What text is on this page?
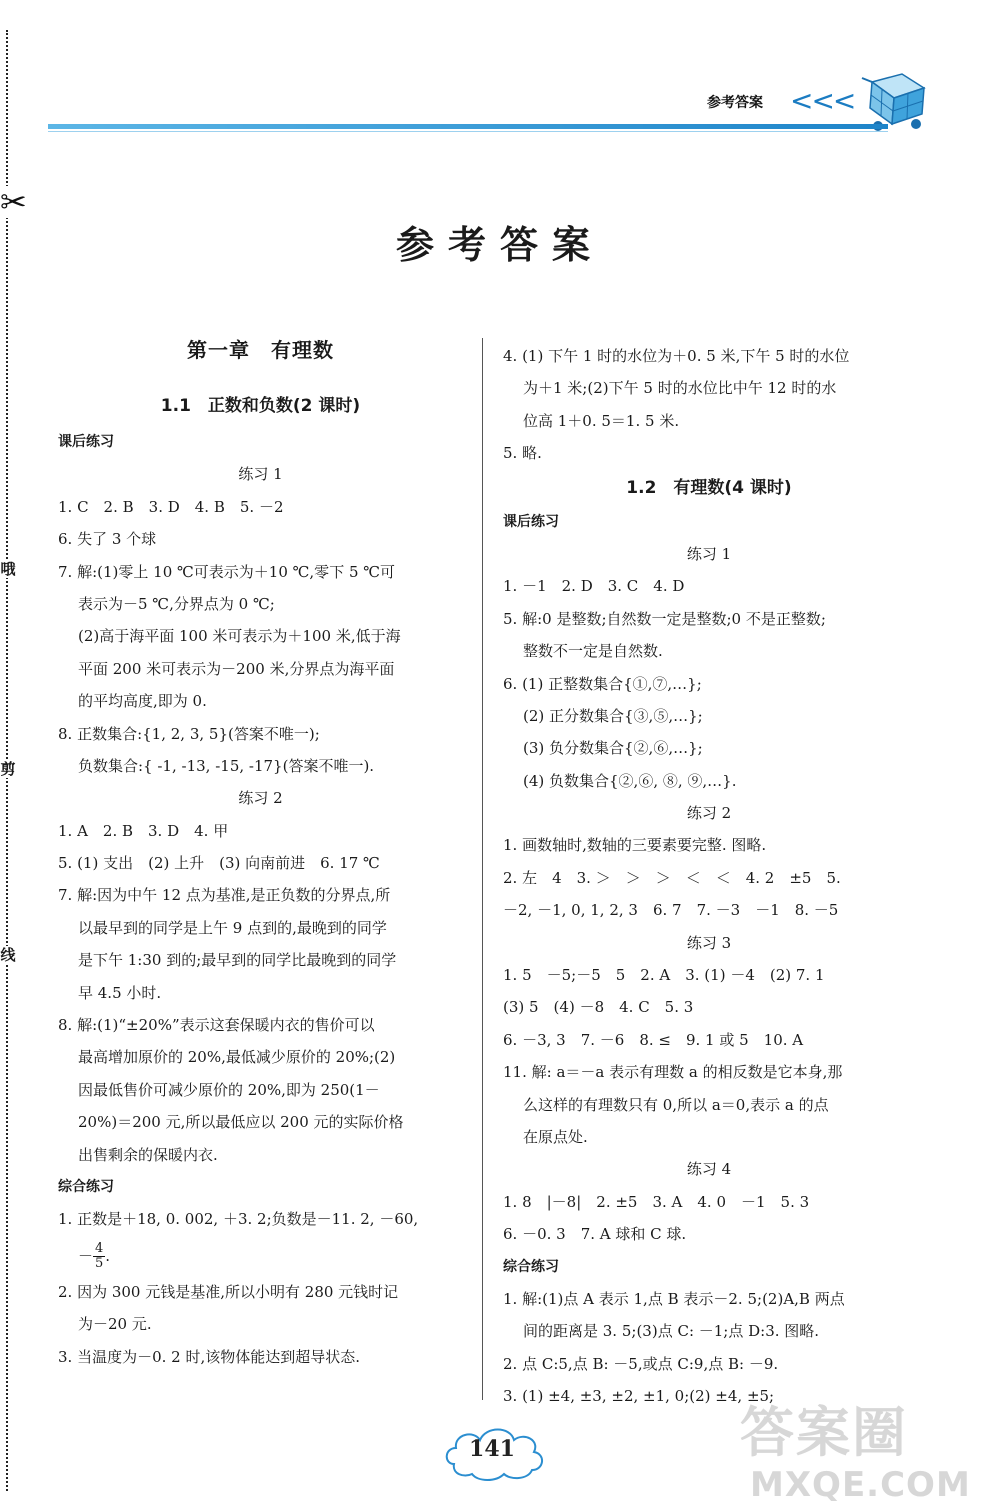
✂
哦
剪
线
参考答案 <<<
参考答案
第一章　有理数
1.1　正数和负数(2 课时)
课后练习
练习 1
1. C　2. B　3. D　4. B　5. －2
6. 失了 3 个球
7. 解:(1)零上 10 ℃可表示为＋10 ℃,零下 5 ℃可
表示为－5 ℃,分界点为 0 ℃;
(2)高于海平面 100 米可表示为＋100 米,低于海
平面 200 米可表示为－200 米,分界点为海平面
的平均高度,即为 0.
8. 正数集合:{1, 2, 3, 5}(答案不唯一);
负数集合:{ -1, -13, -15, -17}(答案不唯一).
练习 2
1. A　2. B　3. D　4. 甲
5. (1) 支出　(2) 上升　(3) 向南前进　6. 17 ℃
7. 解:因为中午 12 点为基准,是正负数的分界点,所
以最早到的同学是上午 9 点到的,最晚到的同学
是下午 1:30 到的;最早到的同学比最晚到的同学
早 4.5 小时.
8. 解:(1)“±20%”表示这套保暖内衣的售价可以
最高增加原价的 20%,最低减少原价的 20%;(2)
因最低售价可减少原价的 20%,即为 250(1－
20%)＝200 元,所以最低应以 200 元的实际价格
出售剩余的保暖内衣.
综合练习
1. 正数是＋18, 0. 002, ＋3. 2;负数是－11. 2, －60,
－ $\frac{4}{5}$ .
2. 因为 300 元钱是基准,所以小明有 280 元钱时记
为－20 元.
3. 当温度为－0. 2 时,该物体能达到超导状态.
4. (1) 下午 1 时的水位为＋0. 5 米,下午 5 时的水位
为＋1 米;(2)下午 5 时的水位比中午 12 时的水
位高 1＋0. 5＝1. 5 米.
5. 略.
1.2　有理数(4 课时)
课后练习
练习 1
1. －1　2. D　3. C　4. D
5. 解:0 是整数;自然数一定是整数;0 不是正整数;
整数不一定是自然数.
6. (1) 正整数集合{①,⑦,…};
(2) 正分数集合{③,⑤,…};
(3) 负分数集合{②,⑥,…};
(4) 负数集合{②,⑥, ⑧, ⑨,…}.
练习 2
1. 画数轴时,数轴的三要素要完整. 图略.
2. 左　4　3. ＞　＞　＞　＜　＜　4. 2　±5　5.
－2, －1, 0, 1, 2, 3　6. 7　7. －3　－1　8. －5
练习 3
1. 5　－5;－5　5　2. A　3. (1) －4　(2) 7. 1
(3) 5　(4) －8　4. C　5. 3
6. －3, 3　7. －6　8. ≤　9. 1 或 5　10. A
11. 解: a＝－a 表示有理数 a 的相反数是它本身,那
么这样的有理数只有 0,所以 a＝0,表示 a 的点
在原点处.
练习 4
1. 8　|－8|　2. ±5　3. A　4. 0　－1　5. 3
6. －0. 3　7. A 球和 C 球.
综合练习
1. 解:(1)点 A 表示 1,点 B 表示－2. 5;(2)A,B 两点
间的距离是 3. 5;(3)点 C: －1;点 D:3. 图略.
2. 点 C:5,点 B: －5,或点 C:9,点 B: －9.
3. (1) ±4, ±3, ±2, ±1, 0;(2) ±4, ±5;
141	答案圈
MXQE.COM
